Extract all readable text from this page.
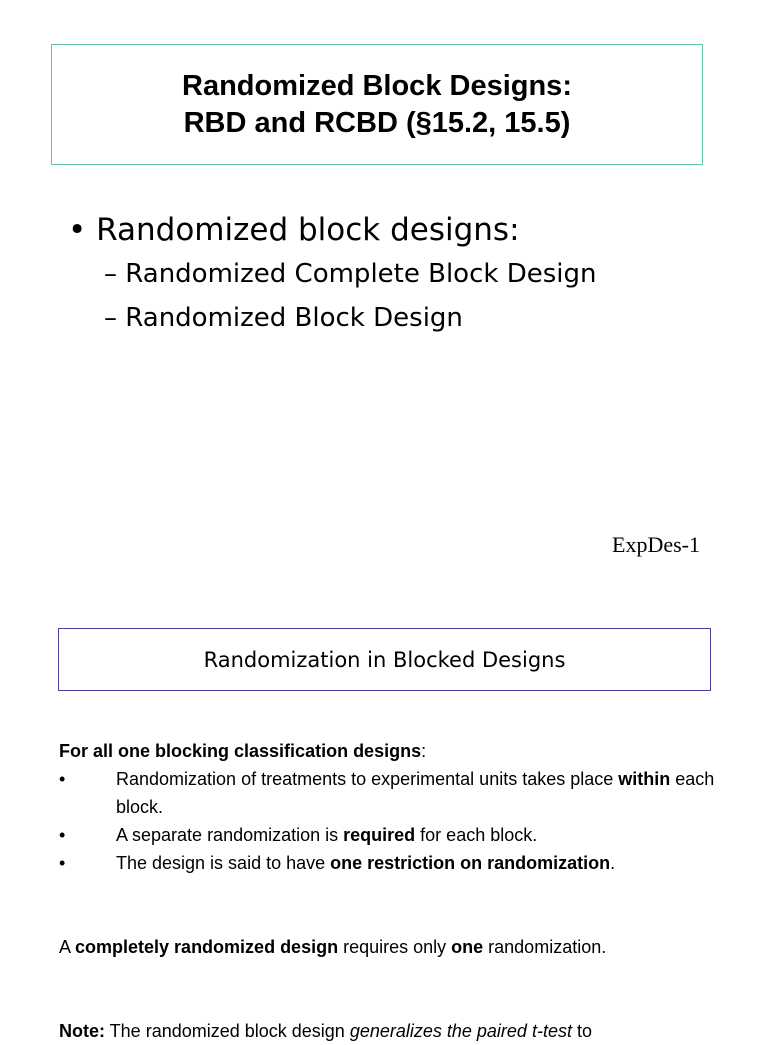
Randomized Block Designs:
RBD and RCBD (§15.2, 15.5)
• Randomized block designs:
– Randomized Complete Block Design
– Randomized Block Design
ExpDes-1
Randomization in Blocked Designs

For all one blocking classification designs:

•	Randomization of treatments to experimental units takes place within each block.
•	A separate randomization is required for each block.
•	The design is said to have one restriction on randomization.

A completely randomized design requires only one randomization.

Note: The randomized block design generalizes the paired t-test to
